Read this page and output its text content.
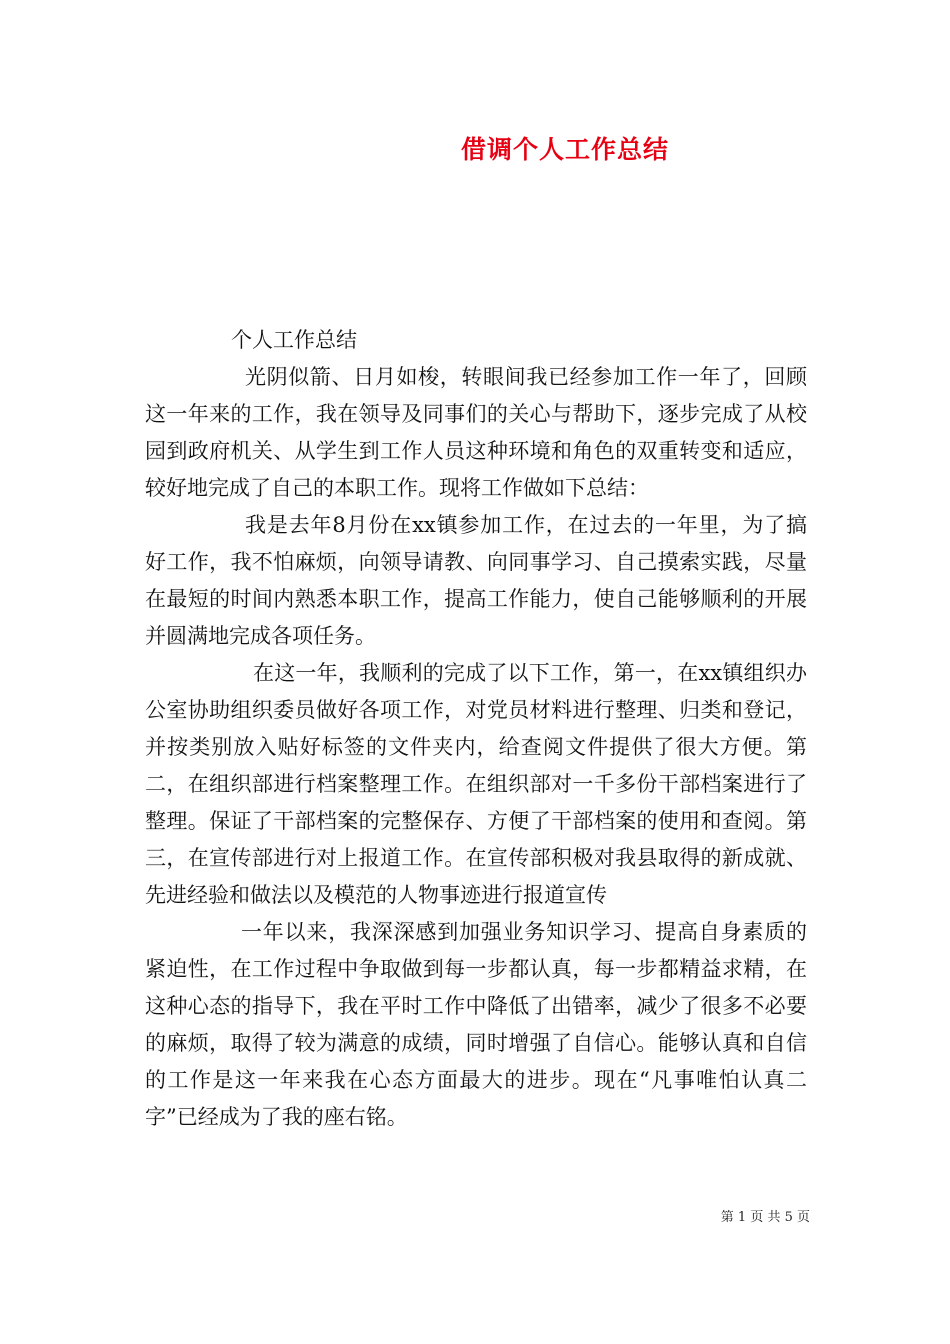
借调个人工作总结

个人工作总结

光阴似箭、日月如梭，转眼间我已经参加工作一年了，回顾这一年来的工作，我在领导及同事们的关心与帮助下，逐步完成了从校园到政府机关、从学生到工作人员这种环境和角色的双重转变和适应，较好地完成了自己的本职工作。现将工作做如下总结：

我是去年8月份在xx镇参加工作，在过去的一年里，为了搞好工作，我不怕麻烦，向领导请教、向同事学习、自己摸索实践，尽量在最短的时间内熟悉本职工作，提高工作能力，使自己能够顺利的开展并圆满地完成各项任务。

在这一年，我顺利的完成了以下工作，第一，在xx镇组织办公室协助组织委员做好各项工作，对党员材料进行整理、归类和登记，并按类别放入贴好标签的文件夹内，给查阅文件提供了很大方便。第二，在组织部进行档案整理工作。在组织部对一千多份干部档案进行了整理。保证了干部档案的完整保存、方便了干部档案的使用和查阅。第三，在宣传部进行对上报道工作。在宣传部积极对我县取得的新成就、先进经验和做法以及模范的人物事迹进行报道宣传

一年以来，我深深感到加强业务知识学习、提高自身素质的紧迫性，在工作过程中争取做到每一步都认真，每一步都精益求精，在这种心态的指导下，我在平时工作中降低了出错率，减少了很多不必要的麻烦，取得了较为满意的成绩，同时增强了自信心。能够认真和自信的工作是这一年来我在心态方面最大的进步。现在“凡事唯怕认真二字”已经成为了我的座右铭。

第 1 页 共 5 页
